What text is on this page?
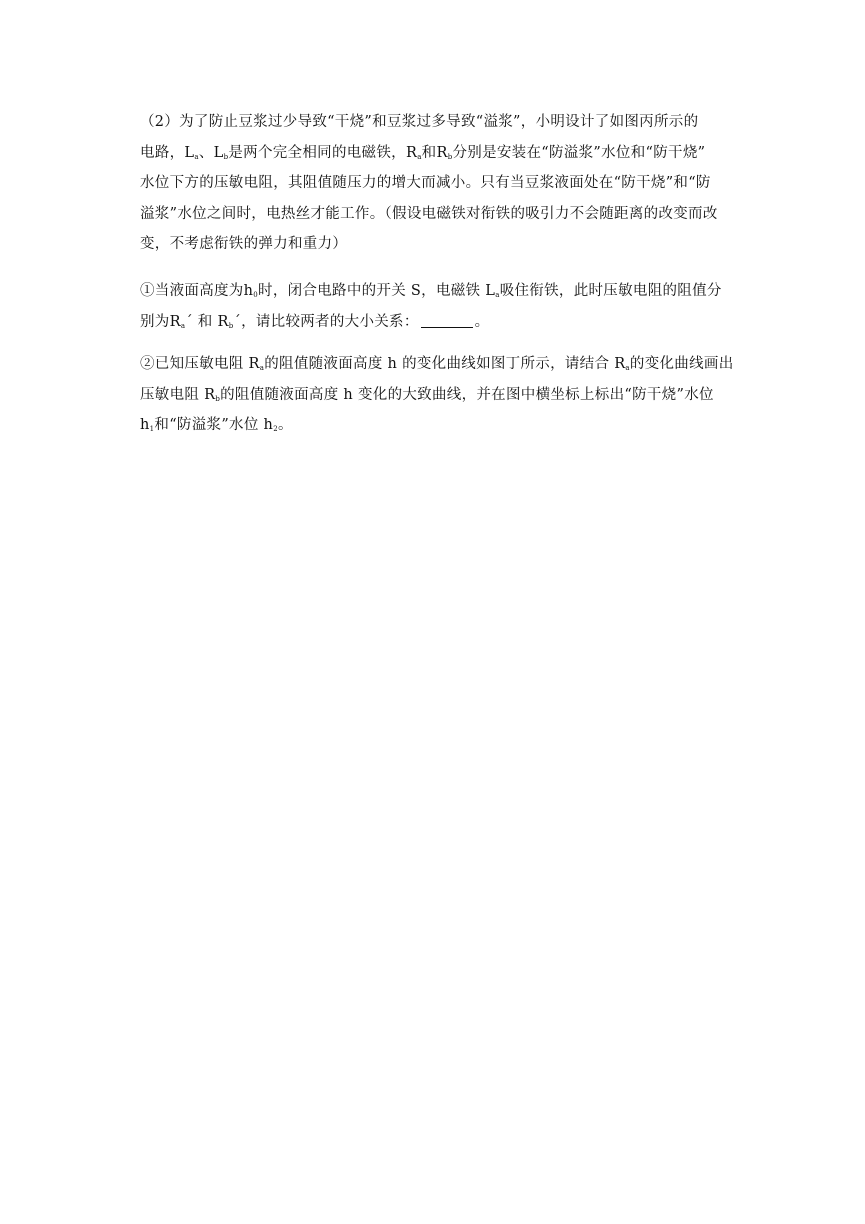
（2）为了防止豆浆过少导致“干烧”和豆浆过多导致“溢浆”，小明设计了如图丙所示的
电路，$L_a$、$L_b$是两个完全相同的电磁铁，$R_a$和$R_b$分别是安装在“防溢浆”水位和“防干烧”
水位下方的压敏电阻，其阻值随压力的增大而减小。只有当豆浆液面处在“防干烧”和“防
溢浆”水位之间时，电热丝才能工作。（假设电磁铁对衔铁的吸引力不会随距离的改变而改
变，不考虑衔铁的弹力和重力）
①当液面高度为$h_0$时，闭合电路中的开关 S，电磁铁 $L_a$吸住衔铁，此时压敏电阻的阻值分
别为$R_a´$ 和 $R_b´$，请比较两者的大小关系：	。
②已知压敏电阻 $R_a$的阻值随液面高度 h 的变化曲线如图丁所示，请结合 $R_a$的变化曲线画出
压敏电阻 $R_b$的阻值随液面高度 h 变化的大致曲线，并在图中横坐标上标出“防干烧”水位
$h_1$和“防溢浆”水位 $h_2$。
